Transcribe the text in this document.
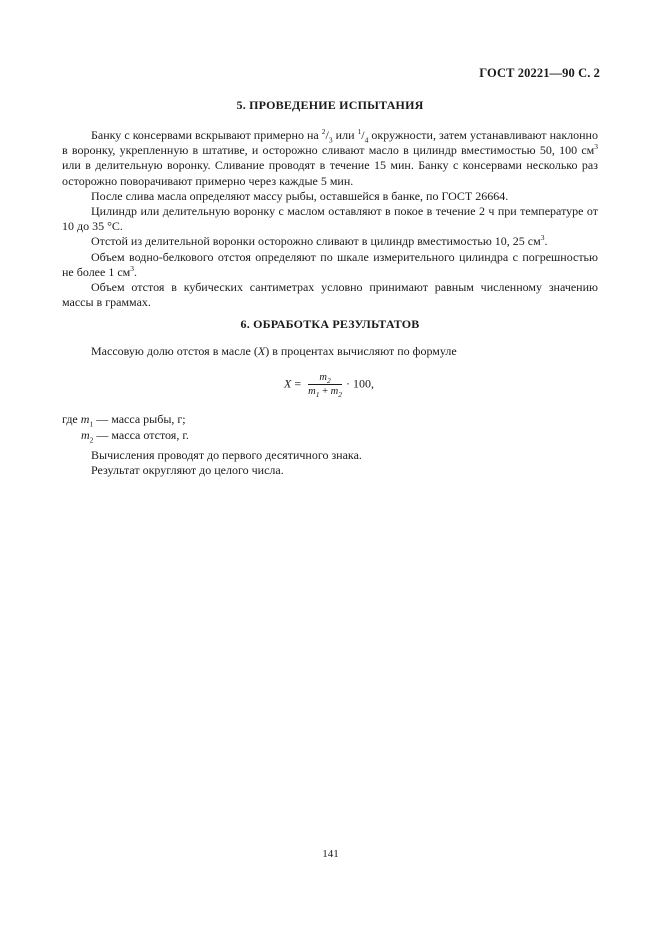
ГОСТ 20221—90 С. 2
5. ПРОВЕДЕНИЕ ИСПЫТАНИЯ

Банку с консервами вскрывают примерно на $^2/_3$ или $^1/_4$ окружности, затем устанавливают наклонно в воронку, укрепленную в штативе, и осторожно сливают масло в цилиндр вместимостью 50, 100 $см^3$ или в делительную воронку. Сливание проводят в течение 15 мин. Банку с консервами несколько раз осторожно поворачивают примерно через каждые 5 мин.

После слива масла определяют массу рыбы, оставшейся в банке, по ГОСТ 26664.

Цилиндр или делительную воронку с маслом оставляют в покое в течение 2 ч при температуре от 10 до 35 °С.

Отстой из делительной воронки осторожно сливают в цилиндр вместимостью 10, 25 $см^3$.

Объем водно-белкового отстоя определяют по шкале измерительного цилиндра с погрешностью не более 1 $см^3$.

Объем отстоя в кубических сантиметрах условно принимают равным численному значению массы в граммах.

6. ОБРАБОТКА РЕЗУЛЬТАТОВ

Массовую долю отстоя в масле (X) в процентах вычисляют по формуле

$X = \frac{m_2}{m_1 + m_2} \cdot 100$,
где $m_1$ — масса рыбы, г;
$m_2$ — масса отстоя, г.

Вычисления проводят до первого десятичного знака.

Результат округляют до целого числа.

141
